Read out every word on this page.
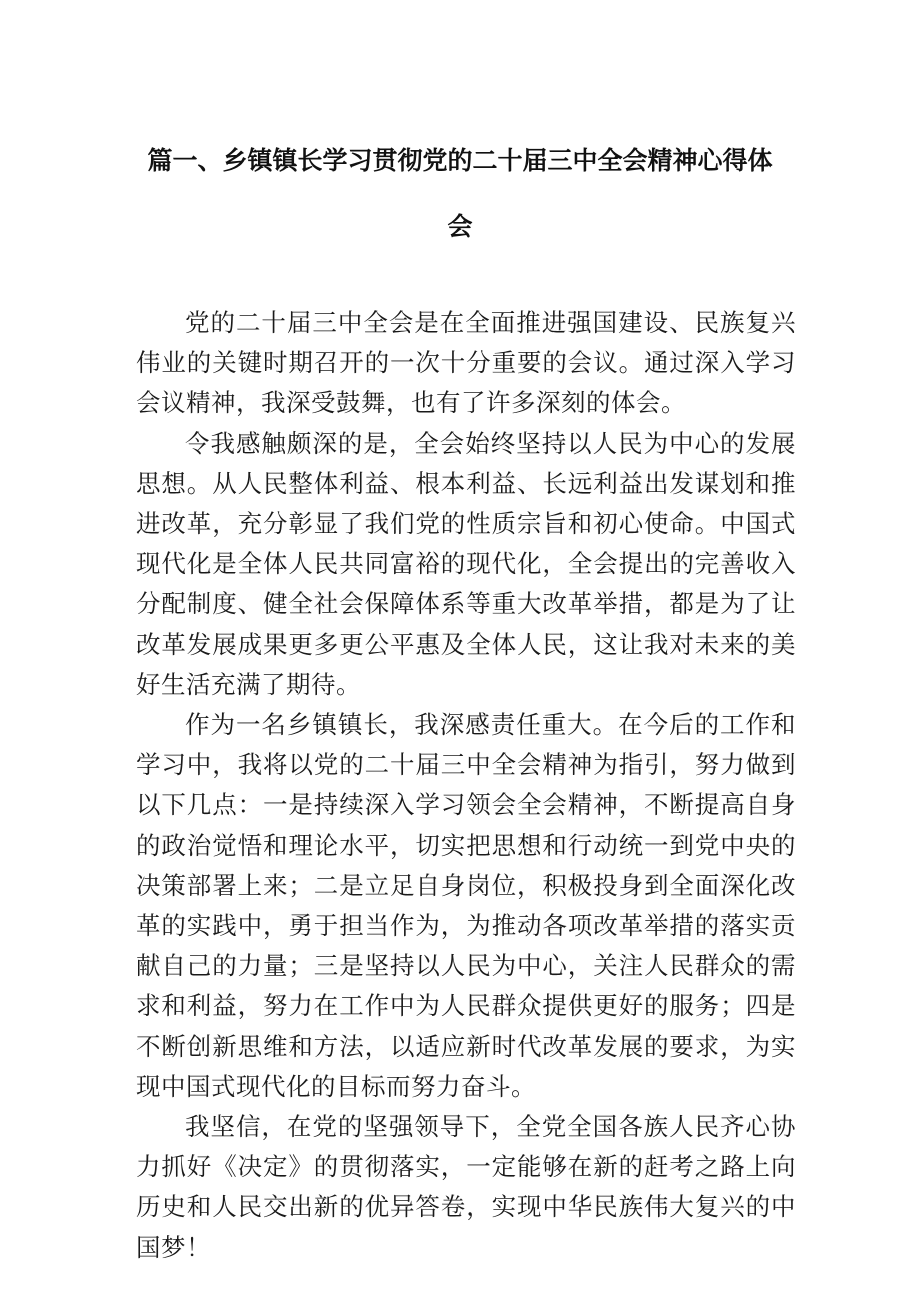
篇一、乡镇镇长学习贯彻党的二十届三中全会精神心得体
会

党的二十届三中全会是在全面推进强国建设、民族复兴伟业的关键时期召开的一次十分重要的会议。通过深入学习会议精神，我深受鼓舞，也有了许多深刻的体会。

令我感触颇深的是，全会始终坚持以人民为中心的发展思想。从人民整体利益、根本利益、长远利益出发谋划和推进改革，充分彰显了我们党的性质宗旨和初心使命。中国式现代化是全体人民共同富裕的现代化，全会提出的完善收入分配制度、健全社会保障体系等重大改革举措，都是为了让改革发展成果更多更公平惠及全体人民，这让我对未来的美好生活充满了期待。

作为一名乡镇镇长，我深感责任重大。在今后的工作和学习中，我将以党的二十届三中全会精神为指引，努力做到以下几点：一是持续深入学习领会全会精神，不断提高自身的政治觉悟和理论水平，切实把思想和行动统一到党中央的决策部署上来；二是立足自身岗位，积极投身到全面深化改革的实践中，勇于担当作为，为推动各项改革举措的落实贡献自己的力量；三是坚持以人民为中心，关注人民群众的需求和利益，努力在工作中为人民群众提供更好的服务；四是不断创新思维和方法，以适应新时代改革发展的要求，为实现中国式现代化的目标而努力奋斗。

我坚信，在党的坚强领导下，全党全国各族人民齐心协力抓好《决定》的贯彻落实，一定能够在新的赶考之路上向历史和人民交出新的优异答卷，实现中华民族伟大复兴的中国梦！
